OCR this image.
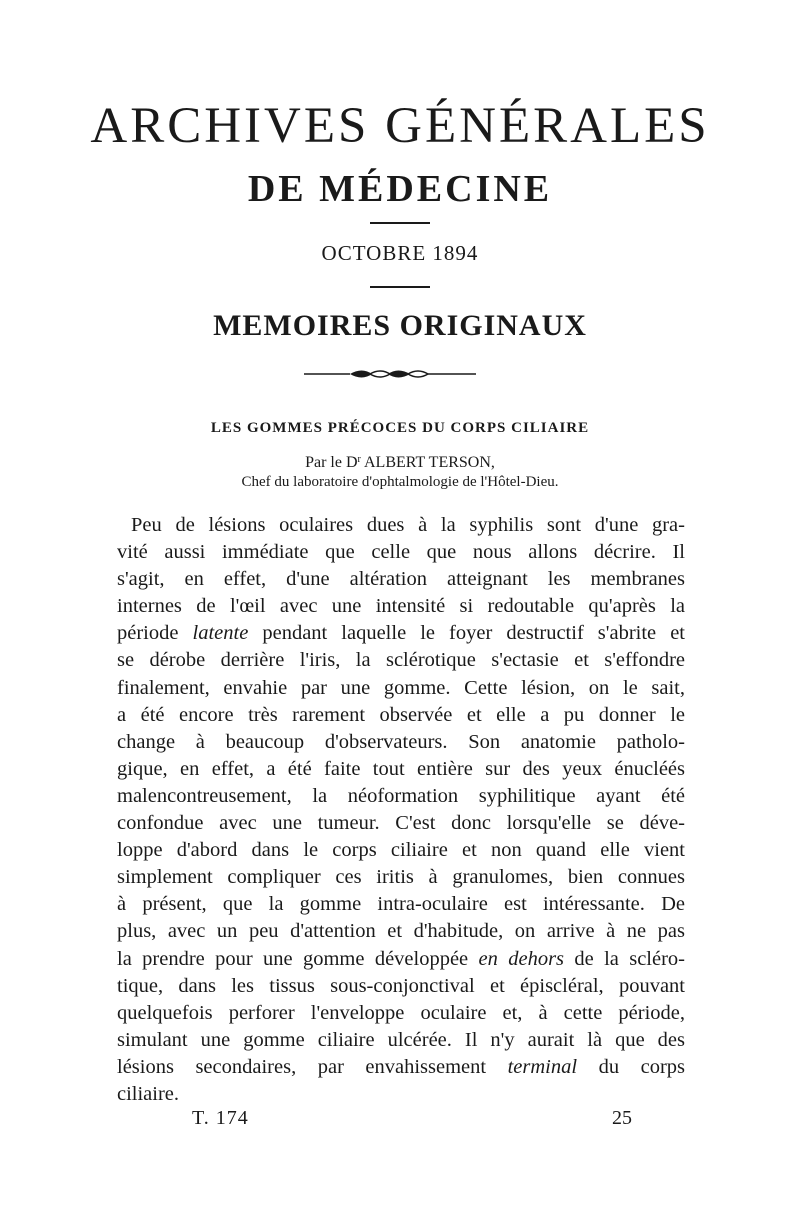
ARCHIVES GÉNÉRALES
DE MÉDECINE
OCTOBRE 1894
MEMOIRES ORIGINAUX
LES GOMMES PRÉCOCES DU CORPS CILIAIRE
Par le $D^r$ ALBERT TERSON,
Chef du laboratoire d'ophtalmologie de l'Hôtel-Dieu.
Peu de lésions oculaires dues à la syphilis sont d'une gra-
vité aussi immédiate que celle que nous allons décrire. Il
s'agit, en effet, d'une altération atteignant les membranes
internes de l'œil avec une intensité si redoutable qu'après la
période latente pendant laquelle le foyer destructif s'abrite et
se dérobe derrière l'iris, la sclérotique s'ectasie et s'effondre
finalement, envahie par une gomme. Cette lésion, on le sait,
a été encore très rarement observée et elle a pu donner le
change à beaucoup d'observateurs. Son anatomie patholo-
gique, en effet, a été faite tout entière sur des yeux énucléés
malencontreusement, la néoformation syphilitique ayant été
confondue avec une tumeur. C'est donc lorsqu'elle se déve-
loppe d'abord dans le corps ciliaire et non quand elle vient
simplement compliquer ces iritis à granulomes, bien connues
à présent, que la gomme intra-oculaire est intéressante. De
plus, avec un peu d'attention et d'habitude, on arrive à ne pas
la prendre pour une gomme développée en dehors de la scléro-
tique, dans les tissus sous-conjonctival et épiscléral, pouvant
quelquefois perforer l'enveloppe oculaire et, à cette période,
simulant une gomme ciliaire ulcérée. Il n'y aurait là que des
lésions secondaires, par envahissement terminal du corps
ciliaire.
T. 174	25
